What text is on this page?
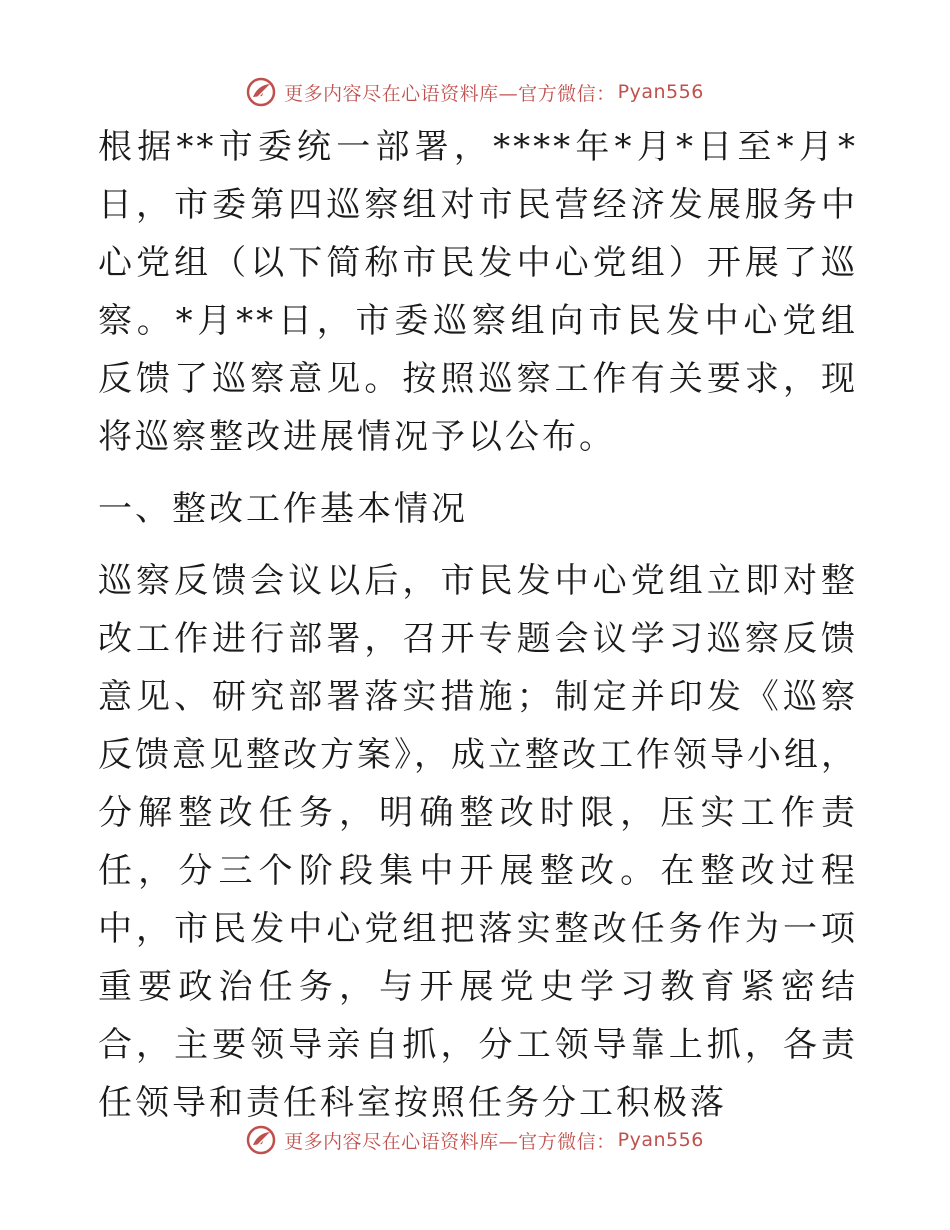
更多内容尽在心语资料库—官方微信： Pyan556

根据**市委统一部署，****年*月*日至*月*日，市委第四巡察组对市民营经济发展服务中心党组（以下简称市民发中心党组）开展了巡察。*月**日，市委巡察组向市民发中心党组反馈了巡察意见。按照巡察工作有关要求，现将巡察整改进展情况予以公布。

一、整改工作基本情况

巡察反馈会议以后，市民发中心党组立即对整改工作进行部署，召开专题会议学习巡察反馈意见、研究部署落实措施；制定并印发《巡察反馈意见整改方案》，成立整改工作领导小组，分解整改任务，明确整改时限，压实工作责任，分三个阶段集中开展整改。在整改过程中，市民发中心党组把落实整改任务作为一项重要政治任务，与开展党史学习教育紧密结合，主要领导亲自抓，分工领导靠上抓，各责任领导和责任科室按照任务分工积极落

更多内容尽在心语资料库—官方微信： Pyan556
